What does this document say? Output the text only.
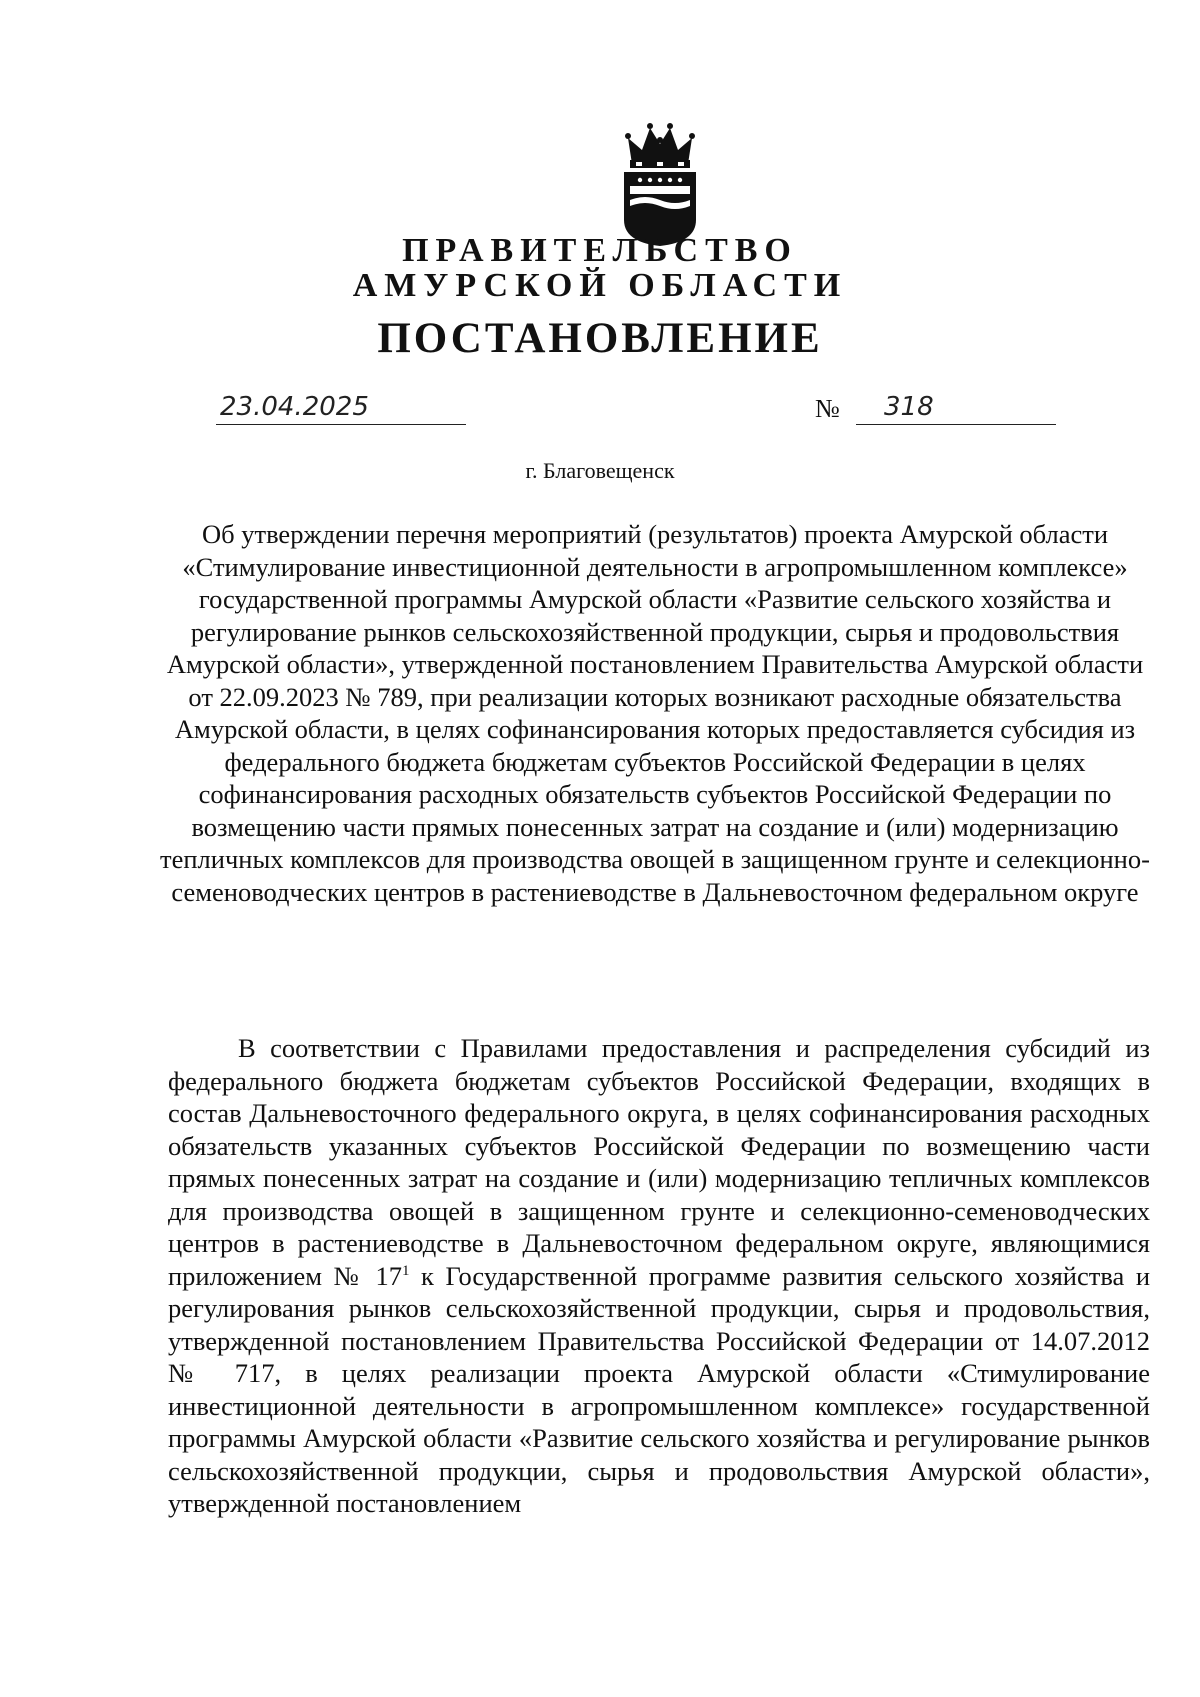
ПРАВИТЕЛЬСТВО
АМУРСКОЙ ОБЛАСТИ
ПОСТАНОВЛЕНИЕ
23.04.2025	№ 318
г. Благовещенск

Об утверждении перечня мероприятий (результатов) проекта Амурской области «Стимулирование инвестиционной деятельности в агропромышленном комплексе» государственной программы Амурской области «Развитие сельского хозяйства и регулирование рынков сельскохозяйственной продукции, сырья и продовольствия Амурской области», утвержденной постановлением Правительства Амурской области от 22.09.2023 № 789, при реализации которых возникают расходные обязательства Амурской области, в целях софинансирования которых предоставляется субсидия из федерального бюджета бюджетам субъектов Российской Федерации в целях софинансирования расходных обязательств субъектов Российской Федерации по возмещению части прямых понесенных затрат на создание и (или) модернизацию тепличных комплексов для производства овощей в защищенном грунте и селекционно-семеноводческих центров в растениеводстве в Дальневосточном федеральном округе

В соответствии с Правилами предоставления и распределения субсидий из федерального бюджета бюджетам субъектов Российской Федерации, входящих в состав Дальневосточного федерального округа, в целях софинансирования расходных обязательств указанных субъектов Российской Федерации по возмещению части прямых понесенных затрат на создание и (или) модернизацию тепличных комплексов для производства овощей в защищенном грунте и селекционно-семеноводческих центров в растениеводстве в Дальневосточном федеральном округе, являющимися приложением № $17^1$ к Государственной программе развития сельского хозяйства и регулирования рынков сельскохозяйственной продукции, сырья и продовольствия, утвержденной постановлением Правительства Российской Федерации от 14.07.2012 № 717, в целях реализации проекта Амурской области «Стимулирование инвестиционной деятельности в агропромышленном комплексе» государственной программы Амурской области «Развитие сельского хозяйства и регулирование рынков сельскохозяйственной продукции, сырья и продовольствия Амурской области», утвержденной постановлением
